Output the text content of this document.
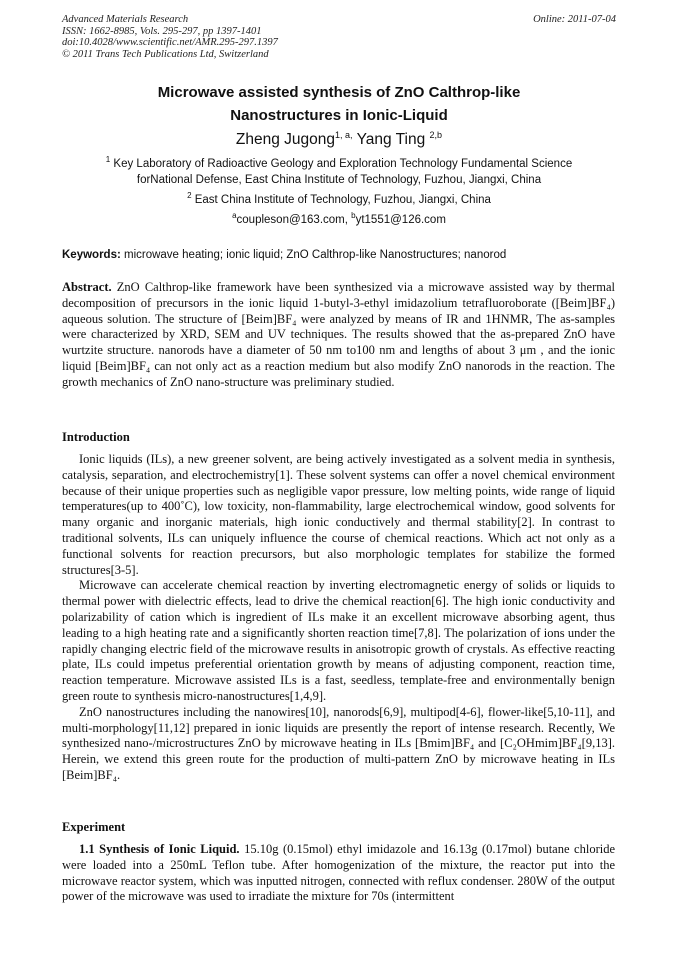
Advanced Materials Research
ISSN: 1662-8985, Vols. 295-297, pp 1397-1401
doi:10.4028/www.scientific.net/AMR.295-297.1397
© 2011 Trans Tech Publications Ltd, Switzerland
Online: 2011-07-04
Microwave assisted synthesis of ZnO Calthrop-like
Nanostructures in Ionic-Liquid
Zheng Jugong$^{1, a,}$ Yang Ting $^{2,b}$
$^1$ Key Laboratory of Radioactive Geology and Exploration Technology Fundamental Science
forNational Defense, East China Institute of Technology, Fuzhou, Jiangxi, China
$^2$ East China Institute of Technology, Fuzhou, Jiangxi, China
$^a$coupleson@163.com, $^b$yt1551@126.com
Keywords: microwave heating; ionic liquid; ZnO Calthrop-like Nanostructures; nanorod

Abstract. ZnO Calthrop-like framework have been synthesized via a microwave assisted way by thermal decomposition of precursors in the ionic liquid 1-butyl-3-ethyl imidazolium tetrafluoroborate ([Beim]BF₄) aqueous solution. The structure of [Beim]BF₄ were analyzed by means of IR and 1HNMR, The as-samples were characterized by XRD, SEM and UV techniques. The results showed that the as-prepared ZnO have wurtzite structure. nanorods have a diameter of 50 nm to100 nm and lengths of about 3 μm , and the ionic liquid [Beim]BF₄ can not only act as a reaction medium but also modify ZnO nanorods in the reaction. The growth mechanics of ZnO nano-structure was preliminary studied.

Introduction

Ionic liquids (ILs), a new greener solvent, are being actively investigated as a solvent media in synthesis, catalysis, separation, and electrochemistry[1]. These solvent systems can offer a novel chemical environment because of their unique properties such as negligible vapor pressure, low melting points, wide range of liquid temperatures(up to 400˚C), low toxicity, non-flammability, large electrochemical window, good solvents for many organic and inorganic materials, high ionic conductively and thermal stability[2]. In contrast to traditional solvents, ILs can uniquely influence the course of chemical reactions. Which act not only as a functional solvents for reaction precursors, but also morphologic templates for stabilize the formed structures[3-5].

Microwave can accelerate chemical reaction by inverting electromagnetic energy of solids or liquids to thermal power with dielectric effects, lead to drive the chemical reaction[6]. The high ionic conductivity and polarizability of cation which is ingredient of ILs make it an excellent microwave absorbing agent, thus leading to a high heating rate and a significantly shorten reaction time[7,8]. The polarization of ions under the rapidly changing electric field of the microwave results in anisotropic growth of crystals. As effective reacting plate, ILs could impetus preferential orientation growth by means of adjusting component, reaction time, reaction temperature. Microwave assisted ILs is a fast, seedless, template-free and environmentally benign green route to synthesis micro-nanostructures[1,4,9].

ZnO nanostructures including the nanowires[10], nanorods[6,9], multipod[4-6], flower-like[5,10-11], and multi-morphology[11,12] prepared in ionic liquids are presently the report of intense research. Recently, We synthesized nano-/microstructures ZnO by microwave heating in ILs [Bmim]BF₄ and [C₂OHmim]BF₄[9,13]. Herein, we extend this green route for the production of multi-pattern ZnO by microwave heating in ILs [Beim]BF₄.

Experiment

1.1 Synthesis of Ionic Liquid. 15.10g (0.15mol) ethyl imidazole and 16.13g (0.17mol) butane chloride were loaded into a 250mL Teflon tube. After homogenization of the mixture, the reactor put into the microwave reactor system, which was inputted nitrogen, connected with reflux condenser. 280W of the output power of the microwave was used to irradiate the mixture for 70s (intermittent
